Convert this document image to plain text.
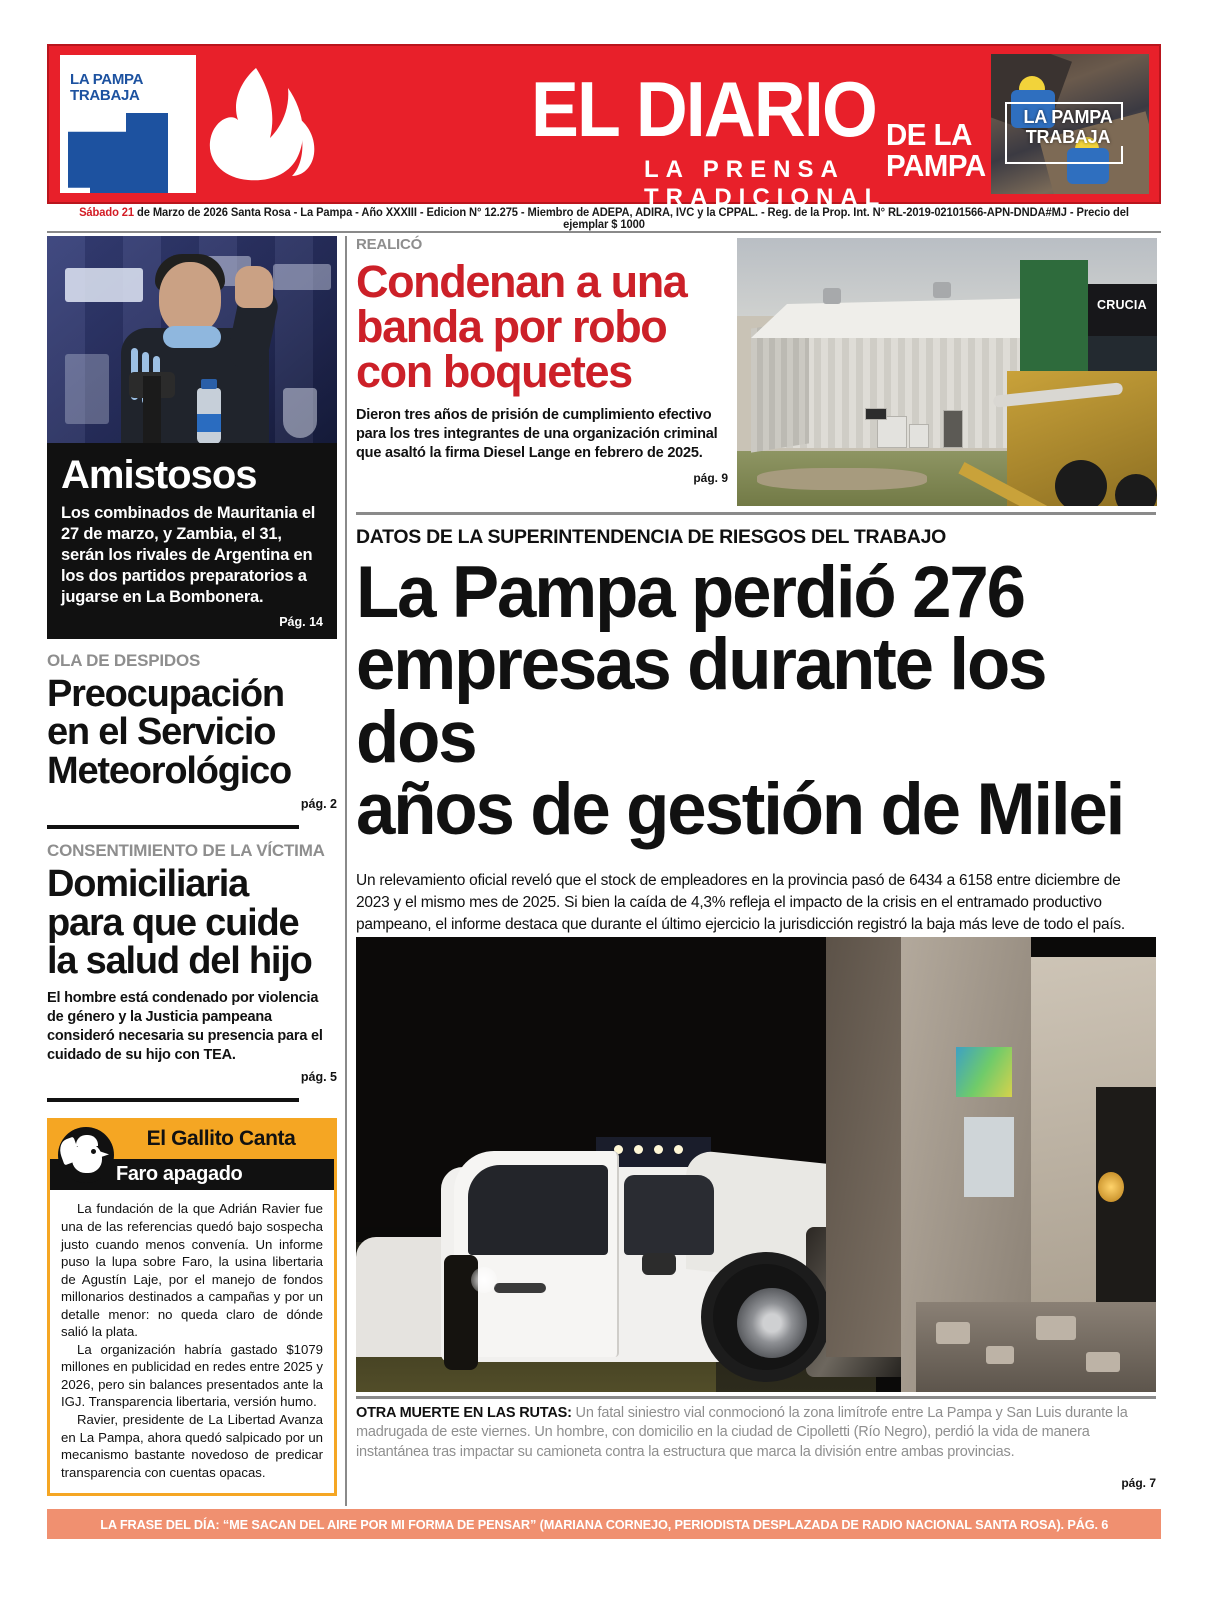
LA PAMPA
TRABAJA	EL DIARIO DE LA PAMPA
LA PRENSA TRADICIONAL
LA PAMPA
TRABAJA
Sábado 21 de Marzo de 2026 Santa Rosa - La Pampa - Año XXXIII - Edicion N° 12.275 - Miembro de ADEPA, ADIRA, IVC y la CPPAL. - Reg. de la Prop. Int. N° RL-2019-02101566-APN-DNDA#MJ - Precio del ejemplar $ 1000
Amistosos
Los combinados de Mauritania el 27 de marzo, y Zambia, el 31, serán los rivales de Argentina en los dos partidos preparatorios a jugarse en La Bombonera.
Pág. 14
OLA DE DESPIDOS
Preocupación
en el Servicio
Meteorológico
pág. 2
CONSENTIMIENTO DE LA VÍCTIMA
Domiciliaria
para que cuide
la salud del hijo
El hombre está condenado por violencia de género y la Justicia pampeana consideró necesaria su presencia para el cuidado de su hijo con TEA.
pág. 5
El Gallito Canta
Faro apagado

La fundación de la que Adrián Ravier fue una de las referencias quedó bajo sospecha justo cuando menos convenía. Un informe puso la lupa sobre Faro, la usina libertaria de Agustín Laje, por el manejo de fondos millonarios destinados a campañas y por un detalle menor: no queda claro de dónde salió la plata.

La organización habría gastado $1079 millones en publicidad en redes entre 2025 y 2026, pero sin balances presentados ante la IGJ. Transparencia libertaria, versión humo.

Ravier, presidente de La Libertad Avanza en La Pampa, ahora quedó salpicado por un mecanismo bastante novedoso de predicar transparencia con cuentas opacas.

REALICÓ
Condenan a una
banda por robo
con boquetes
Dieron tres años de prisión de cumplimiento efectivo para los tres integrantes de una organización criminal que asaltó la firma Diesel Lange en febrero de 2025.
pág. 9
CRUCIA
DATOS DE LA SUPERINTENDENCIA DE RIESGOS DEL TRABAJO
La Pampa perdió 276
empresas durante los dos
años de gestión de Milei
Un relevamiento oficial reveló que el stock de empleadores en la provincia pasó de 6434 a 6158 entre diciembre de 2023 y el mismo mes de 2025. Si bien la caída de 4,3% refleja el impacto de la crisis en el entramado productivo pampeano, el informe destaca que durante el último ejercicio la jurisdicción registró la baja más leve de todo el país.
OTRA MUERTE EN LAS RUTAS: Un fatal siniestro vial conmocionó la zona limítrofe entre La Pampa y San Luis durante la madrugada de este viernes. Un hombre, con domicilio en la ciudad de Cipolletti (Río Negro), perdió la vida de manera instantánea tras impactar su camioneta contra la estructura que marca la división entre ambas provincias.
pág. 7
LA FRASE DEL DÍA: “ME SACAN DEL AIRE POR MI FORMA DE PENSAR” (MARIANA CORNEJO, PERIODISTA DESPLAZADA DE RADIO NACIONAL SANTA ROSA). PÁG. 6
